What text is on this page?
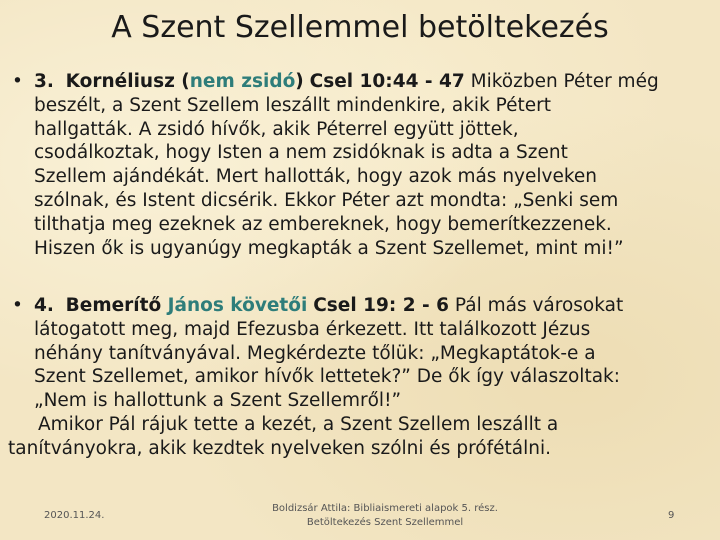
A Szent Szellemmel betöltekezés
• 3. Kornéliusz (nem zsidó) Csel 10:44 - 47 Miközben Péter még
beszélt, a Szent Szellem leszállt mindenkire, akik Pétert
hallgatták. A zsidó hívők, akik Péterrel együtt jöttek,
csodálkoztak, hogy Isten a nem zsidóknak is adta a Szent
Szellem ajándékát. Mert hallották, hogy azok más nyelveken
szólnak, és Istent dicsérik. Ekkor Péter azt mondta: „Senki sem
tilthatja meg ezeknek az embereknek, hogy bemerítkezzenek.
Hiszen ők is ugyanúgy megkapták a Szent Szellemet, mint mi!”
• 4. Bemerítő János követői Csel 19: 2 - 6 Pál más városokat
látogatott meg, majd Efezusba érkezett. Itt találkozott Jézus
néhány tanítványával. Megkérdezte tőlük: „Megkaptátok-e a
Szent Szellemet, amikor hívők lettetek?” De ők így válaszoltak:
„Nem is hallottunk a Szent Szellemről!”
Amikor Pál rájuk tette a kezét, a Szent Szellem leszállt a
tanítványokra, akik kezdtek nyelveken szólni és prófétálni.
2020.11.24.
Boldizsár Attila: Bibliaismereti alapok 5. rész.
Betöltekezés Szent Szellemmel
9
